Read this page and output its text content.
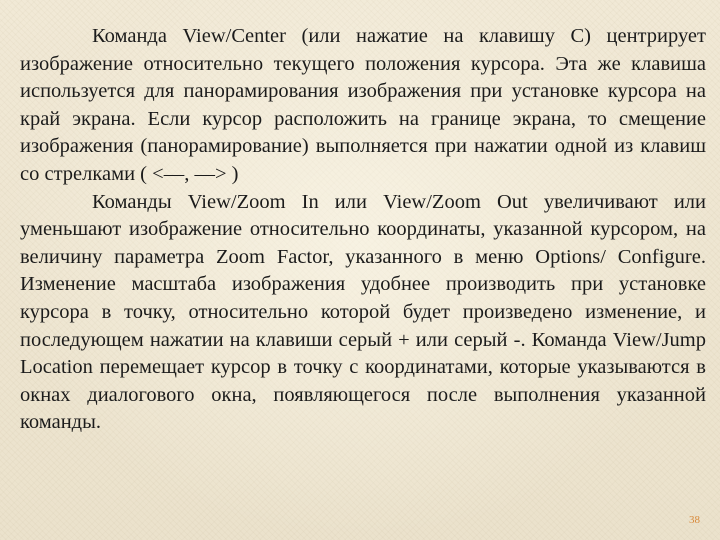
Команда View/Center (или нажатие на клавишу С) центрирует изображение относительно текущего положения курсора. Эта же клавиша используется для панорамирования изображения при установке курсора на край экрана. Если курсор расположить на границе экрана, то смещение изображения (панорамирование) выполняется при нажатии одной из клавиш со стрелками ( <—, —> )

Команды View/Zoom In или View/Zoom Out увеличивают или уменьшают изображение относительно координаты, указанной курсором, на величину параметра Zoom Factor, указанного в меню Options/ Configure. Изменение масштаба изображения удобнее производить при установке курсора в точку, относительно которой будет произведено изменение, и последующем нажатии на клавиши серый + или серый -. Команда View/Jump Location перемещает курсор в точку с координатами, которые указываются в окнах диалогового окна, появляющегося после выполнения указанной команды.

38
